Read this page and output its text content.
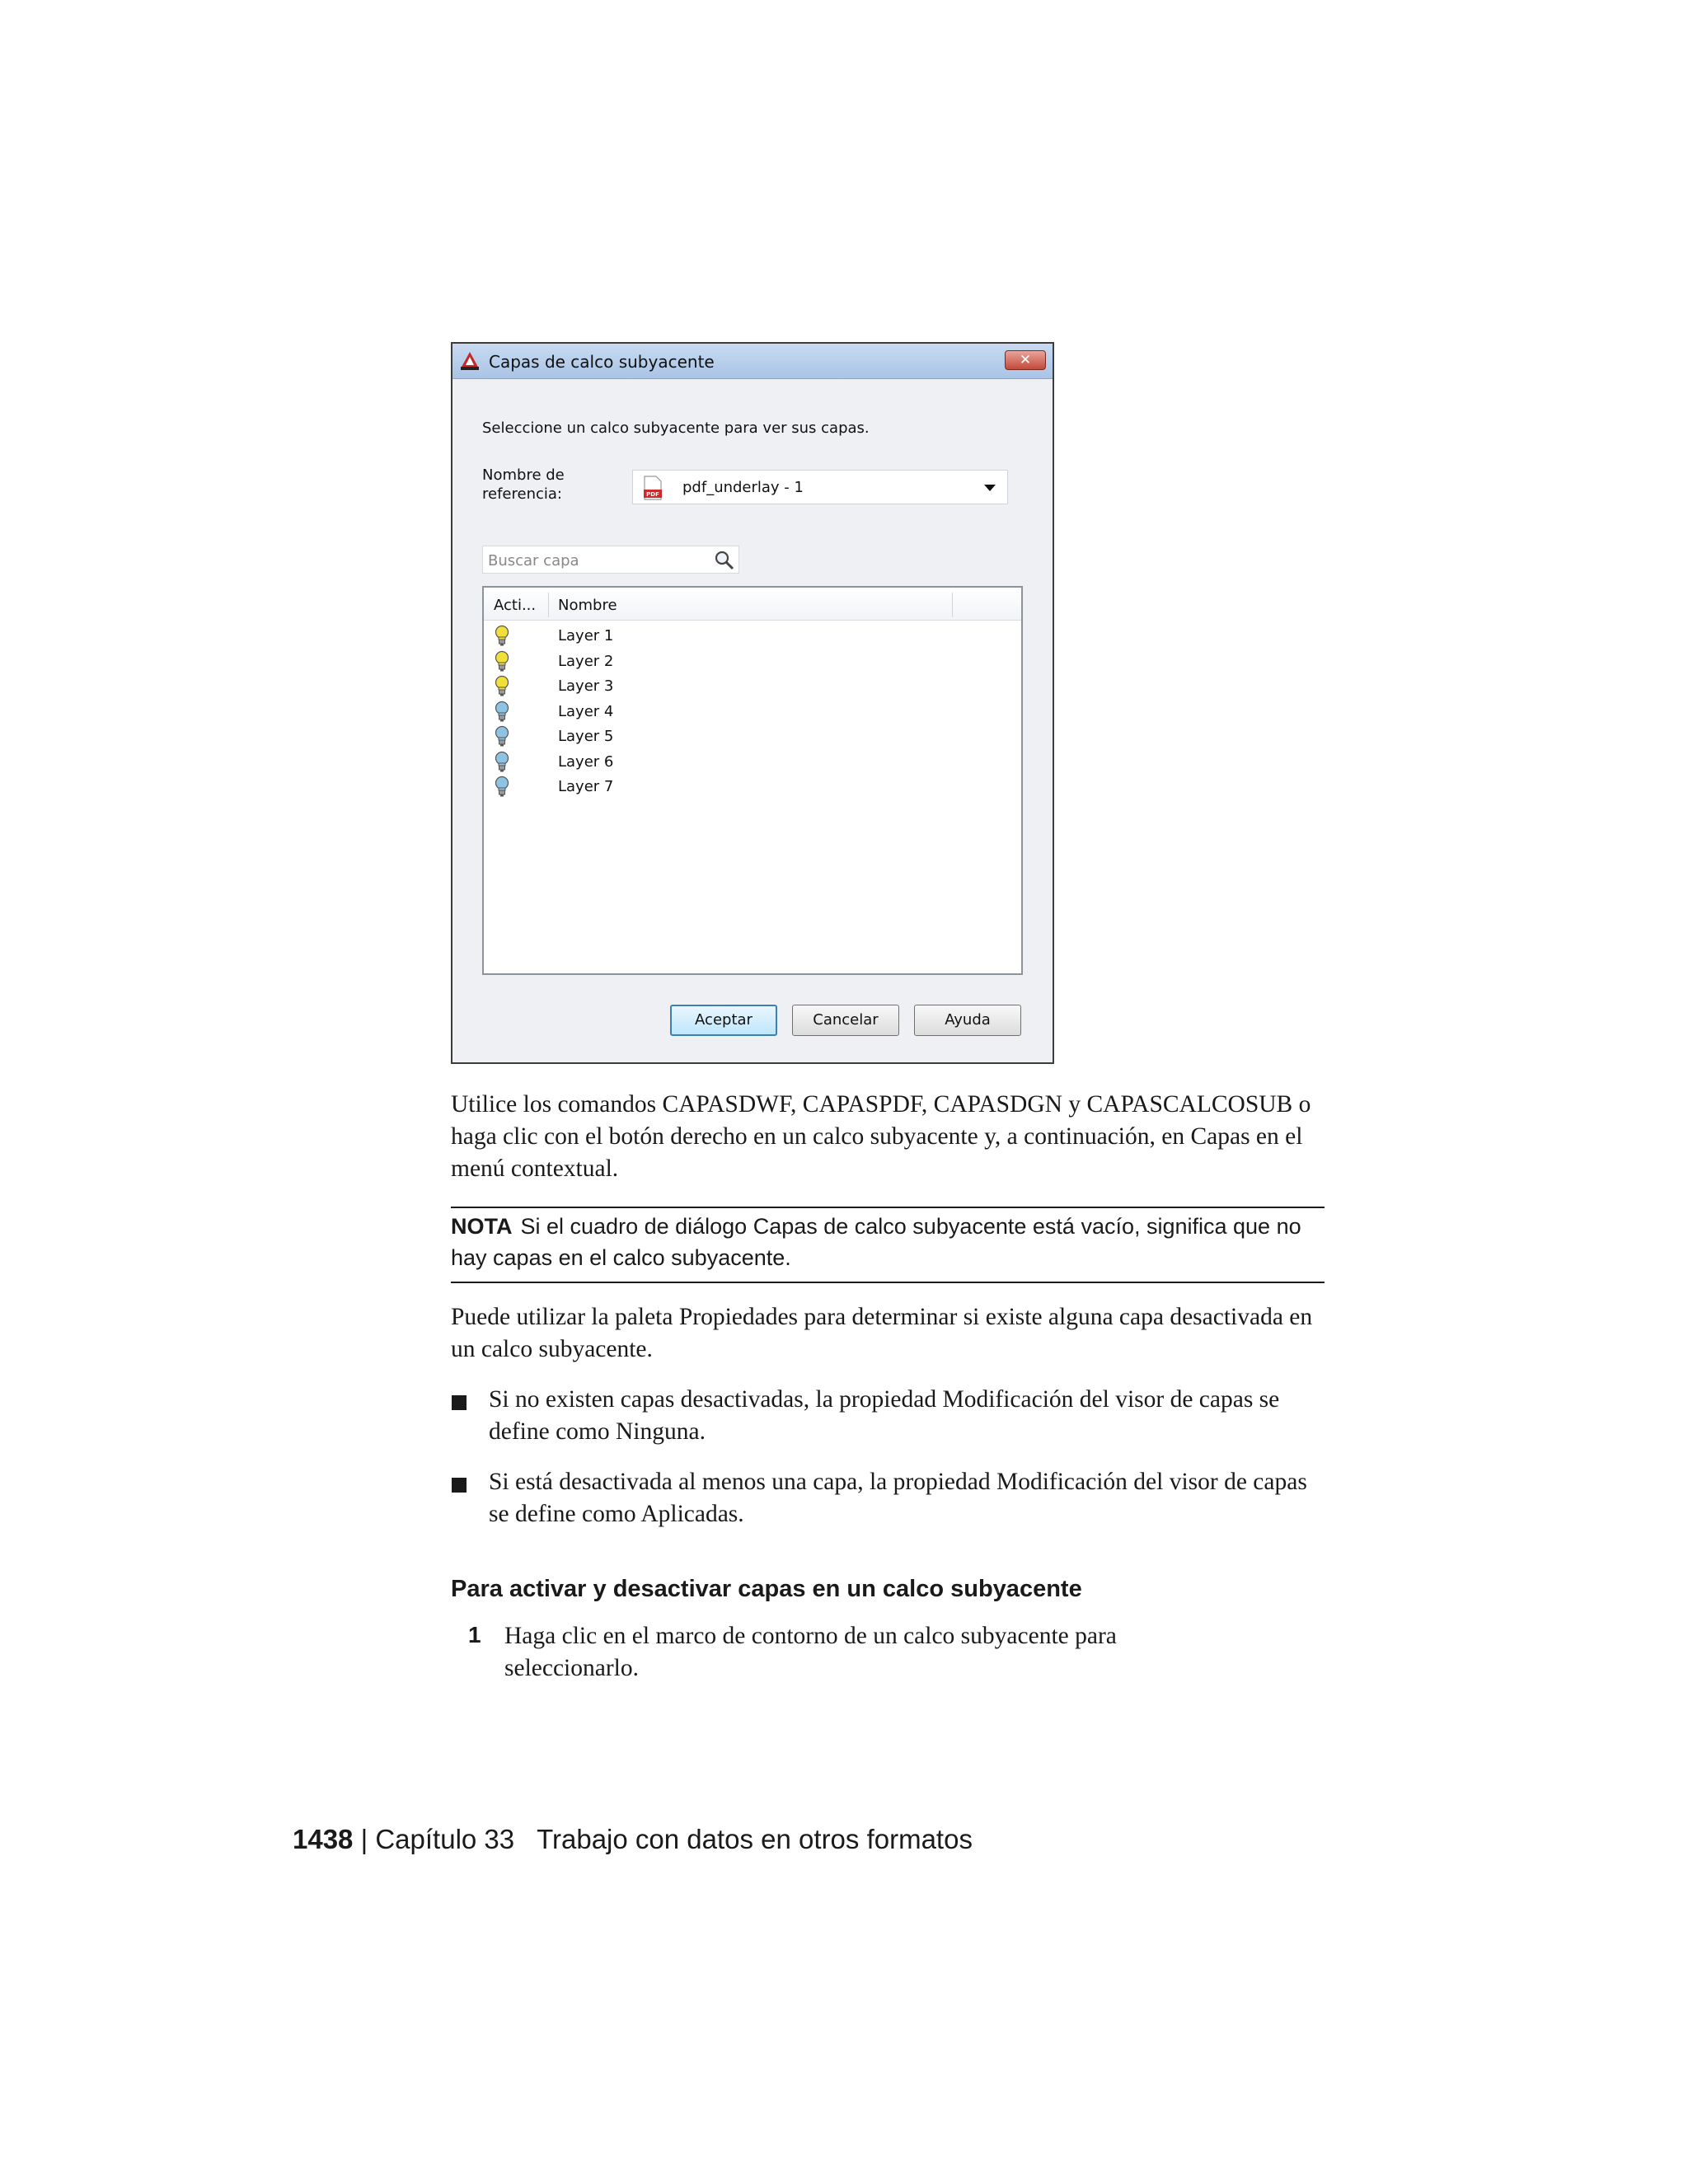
Capas de calco subyacente	✕
Seleccione un calco subyacente para ver sus capas.
Nombre de referencia:	PDF pdf_underlay - 1
Buscar capa
Acti... Nombre
Layer 1
Layer 2
Layer 3
Layer 4
Layer 5
Layer 6
Layer 7
Aceptar	Cancelar	Ayuda
Utilice los comandos CAPASDWF, CAPASPDF, CAPASDGN y CAPASCALCOSUB o haga clic con el botón derecho en un calco subyacente y, a continuación, en Capas en el menú contextual.
NOTA Si el cuadro de diálogo Capas de calco subyacente está vacío, significa que no hay capas en el calco subyacente.
Puede utilizar la paleta Propiedades para determinar si existe alguna capa desactivada en un calco subyacente.
Si no existen capas desactivadas, la propiedad Modificación del visor de capas se define como Ninguna.
Si está desactivada al menos una capa, la propiedad Modificación del visor de capas se define como Aplicadas.
Para activar y desactivar capas en un calco subyacente
1 Haga clic en el marco de contorno de un calco subyacente para seleccionarlo.
1438 | Capítulo 33 Trabajo con datos en otros formatos
